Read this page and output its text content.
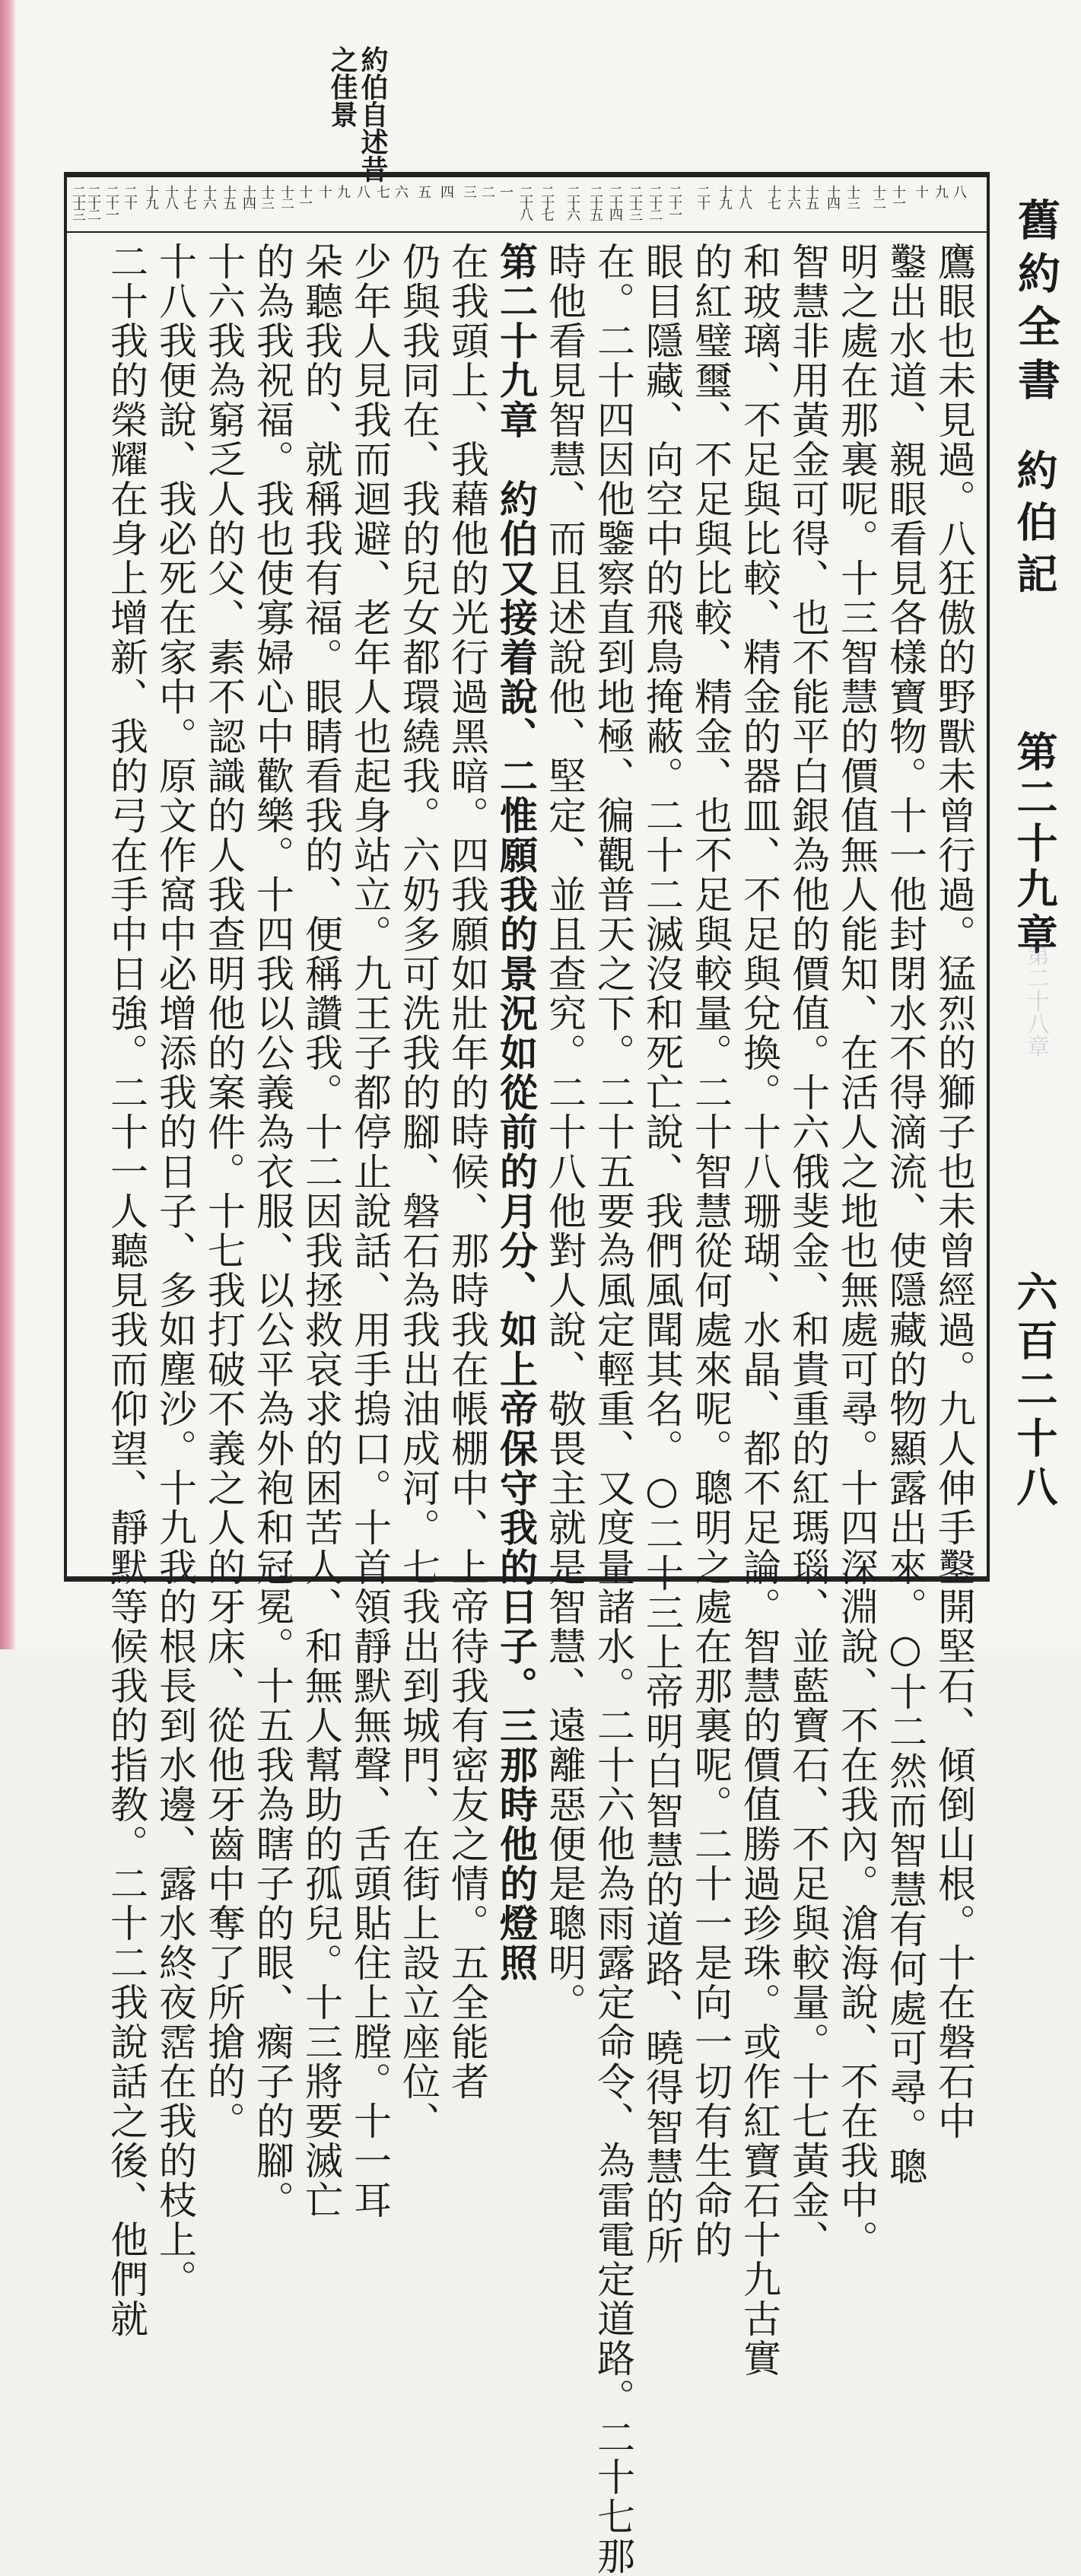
約伯自述昔
之佳景
八
九
十
十一
十二
十三
十四
十五
十六
十七
十八
十九
二十
二十一
二十二
二十三
二十四
二十五
二十六
二十七
二十八
一
二
三
四
五
六
七
八
九
十
十一
十二
十三
十四
十五
十六
十七
十八
十九
二十
二十一
二十二
二十三
鷹眼也未見過。八狂傲的野獸未曾行過。猛烈的獅子也未曾經過。九人伸手鑿開堅石、傾倒山根。十在磐石中
鑿出水道、親眼看見各樣寶物。十一他封閉水不得滴流、使隱藏的物顯露出來。○十二然而智慧有何處可尋。聰
明之處在那裏呢。十三智慧的價值無人能知、在活人之地也無處可尋。十四深淵說、不在我內。滄海說、不在我中。
智慧非用黃金可得、也不能平白銀為他的價值。十六俄斐金、和貴重的紅瑪瑙、並藍寶石、不足與較量。十七黃金、
和玻璃、不足與比較、精金的器皿、不足與兌換。十八珊瑚、水晶、都不足論。智慧的價值勝過珍珠。或作紅寶石十九古實
的紅璧璽、不足與比較、精金、也不足與較量。二十智慧從何處來呢。聰明之處在那裏呢。二十一是向一切有生命的
眼目隱藏、向空中的飛鳥掩蔽。二十二滅沒和死亡說、我們風聞其名。○二十三上帝明白智慧的道路、曉得智慧的所
在。二十四因他鑒察直到地極、徧觀普天之下。二十五要為風定輕重、又度量諸水。二十六他為雨露定命令、為雷電定道路。二十七那
時他看見智慧、而且述說他、堅定、並且查究。二十八他對人說、敬畏主就是智慧、遠離惡便是聰明。
第二十九章　約伯又接着說、二惟願我的景況如從前的月分、如上帝保守我的日子。三那時他的燈照
在我頭上、我藉他的光行過黑暗。四我願如壯年的時候、那時我在帳棚中、上帝待我有密友之情。五全能者
仍與我同在、我的兒女都環繞我。六奶多可洗我的腳、磐石為我出油成河。七我出到城門、在街上設立座位、
少年人見我而迴避、老年人也起身站立。九王子都停止說話、用手摀口。十首領靜默無聲、舌頭貼住上膛。十一耳
朵聽我的、就稱我有福。眼睛看我的、便稱讚我。十二因我拯救哀求的困苦人、和無人幫助的孤兒。十三將要滅亡
的為我祝福。我也使寡婦心中歡樂。十四我以公義為衣服、以公平為外袍和冠冕。十五我為瞎子的眼、瘸子的腳。
十六我為窮乏人的父、素不認識的人我查明他的案件。十七我打破不義之人的牙床、從他牙齒中奪了所搶的。
十八我便說、我必死在家中。原文作窩中必增添我的日子、多如塵沙。十九我的根長到水邊、露水終夜霑在我的枝上。
二十我的榮耀在身上增新、我的弓在手中日強。二十一人聽見我而仰望、靜默等候我的指教。二十二我說話之後、他們就	舊約全書
約伯記
第二十九章
六百二十八
第二十八章
